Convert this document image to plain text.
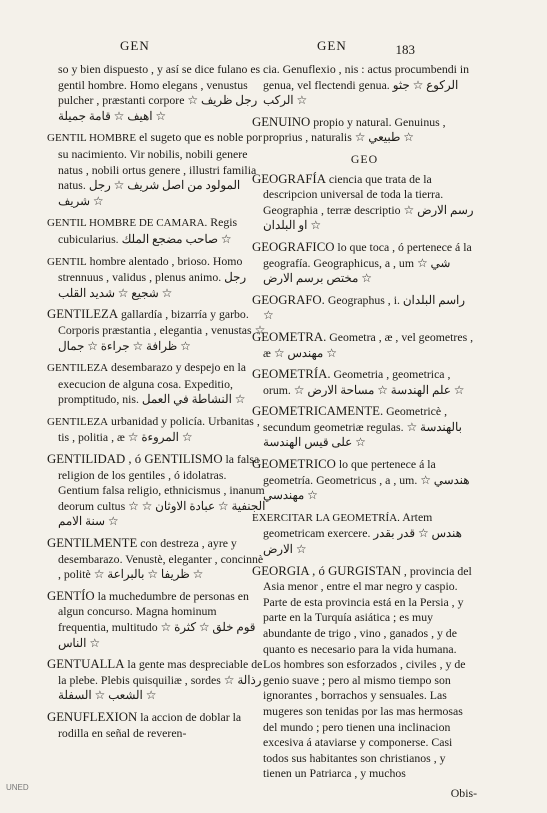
GEN	GEN	183

so y bien dispuesto , y así se dice fulano es gentil hombre. Homo elegans , venustus pulcher , præstanti corpore ☆ رجل ظريف اهيف ☆ قامة جميلة ☆

GENTIL HOMBRE el sugeto que es noble por su nacimiento. Vir nobilis, nobili genere natus , nobili ortus genere , illustri familia natus. المولود من اصل شريف ☆ رجل شريف ☆

GENTIL HOMBRE DE CAMARA. Regis cubicularius. صاحب مضجع الملك ☆

GENTIL hombre alentado , brioso. Homo strennuus , validus , plenus animo. رجل شجيع ☆ شديد القلب ☆

GENTILEZA gallardía , bizarría y garbo. Corporis præstantia , elegantia , venustas ☆ ظرافة ☆ جراءة ☆ جمال ☆

GENTILEZA desembarazo y despejo en la execucion de alguna cosa. Expeditio, promptitudo, nis. النشاطة في العمل ☆

GENTILEZA urbanidad y policía. Urbanitas , tis , politia , æ ☆ المروءة ☆

GENTILIDAD , ó GENTILISMO la falsa religion de los gentiles , ó idolatras. Gentium falsa religio, ethnicismus , inanum deorum cultus ☆ الجنفية ☆ عبادة الاوثان ☆ سنة الامم ☆

GENTILMENTE con destreza , ayre y desembarazo. Venustè, eleganter , concinnè , politè ☆ ظريفا ☆ بالبراعة ☆

GENTÍO la muchedumbre de personas en algun concurso. Magna hominum frequentia, multitudo ☆ قوم خلق ☆ كثرة الناس ☆

GENTUALLA la gente mas despreciable de la plebe. Plebis quisquiliæ , sordes ☆ رذالة الشعب ☆ السفلة ☆

GENUFLEXION la accion de doblar la rodilla en señal de reveren-

cia. Genuflexio , nis : actus procumbendi in genua, vel flectendi genua. الركوع ☆ جثو الركب ☆

GENUINO propio y natural. Genuinus , proprius , naturalis ☆ طبيعي ☆

GEO

GEOGRAFÍA ciencia que trata de la descripcion universal de toda la tierra. Geographia , terræ descriptio ☆ رسم الارض او البلدان ☆

GEOGRAFICO lo que toca , ó pertenece á la geografía. Geographicus, a , um ☆ شي مختص برسم الارض ☆

GEOGRAFO. Geographus , i. راسم البلدان ☆

GEOMETRA. Geometra , æ , vel geometres , æ ☆ مهندس ☆

GEOMETRÍA. Geometria , geometrica , orum. ☆ علم الهندسة ☆ مساحة الارض ☆

GEOMETRICAMENTE. Geometricè , secundum geometriæ regulas. بالهندسة ☆ على قيس الهندسة ☆

GEOMETRICO lo que pertenece á la geometría. Geometricus , a , um. هندسي ☆ مهندسي ☆

EXERCITAR LA GEOMETRÍA. Artem geometricam exercere. هندس ☆ قدر بقدر الارض ☆

GEORGIA , ó GURGISTAN , provincia del Asia menor , entre el mar negro y caspio. Parte de esta provincia está en la Persia , y parte en la Turquía asiática ; es muy abundante de trigo , vino , ganados , y de quanto es necesario para la vida humana. Los hombres son esforzados , civiles , y de genio suave ; pero al mismo tiempo son ignorantes , borrachos y sensuales. Las mugeres son tenidas por las mas hermosas del mundo ; pero tienen una inclinacion excesiva á ataviarse y componerse. Casi todos sus habitantes son christianos , y tienen un Patriarca , y muchos

Obis-

UNED
